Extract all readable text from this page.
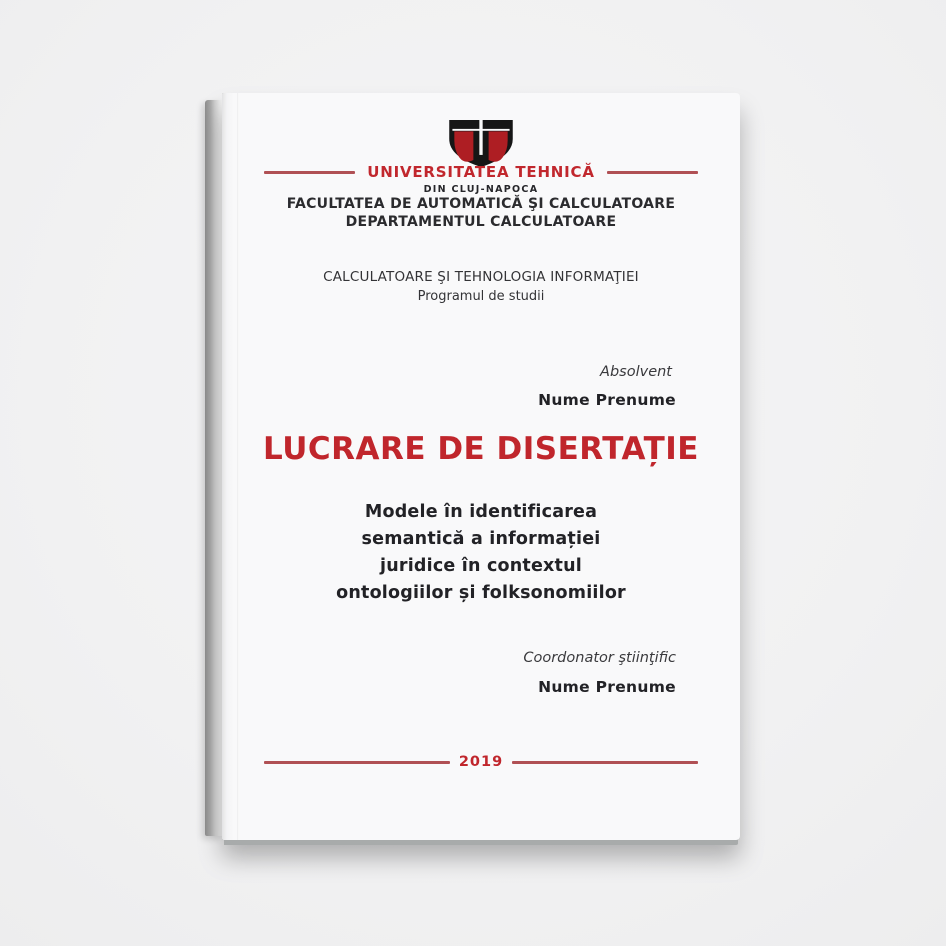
UNIVERSITATEA TEHNICĂ
DIN CLUJ-NAPOCA
FACULTATEA DE AUTOMATICĂ ŞI CALCULATOARE
DEPARTAMENTUL CALCULATOARE
CALCULATOARE ŞI TEHNOLOGIA INFORMAŢIEI
Programul de studii
Absolvent
Nume Prenume
LUCRARE DE DISERTAȚIE
Modele în identificarea
semantică a informației
juridice în contextul
ontologiilor și folksonomiilor
Coordonator ştiinţific
Nume Prenume
2019
